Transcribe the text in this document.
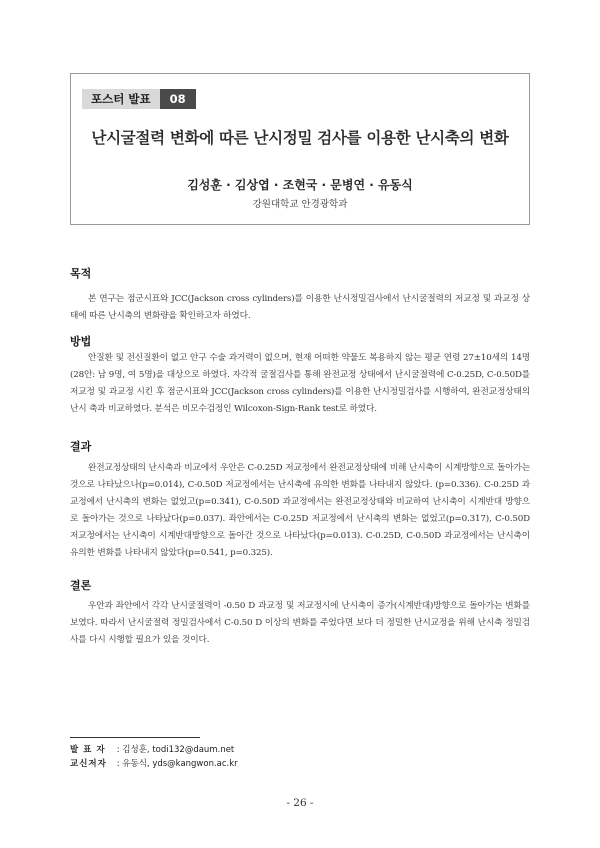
포스터 발표	08
난시굴절력 변화에 따른 난시정밀 검사를 이용한 난시축의 변화
김성훈 · 김상엽 · 조현국 · 문병연 · 유동식
강원대학교 안경광학과
목적

본 연구는 점군시표와 JCC(Jackson cross cylinders)를 이용한 난시정밀검사에서 난시굴절력의 저교정 및 과교정 상태에 따른 난시축의 변화량을 확인하고자 하였다.

방법

안질환 및 전신질환이 없고 안구 수술 과거력이 없으며, 현재 어떠한 약물도 복용하지 않는 평균 연령 27±10세의 14명(28안: 남 9명, 여 5명)을 대상으로 하였다. 자각적 굴절검사를 통해 완전교정 상태에서 난시굴절력에 C-0.25D, C-0.50D를 저교정 및 과교정 시킨 후 점군시표와 JCC(Jackson cross cylinders)를 이용한 난시정밀검사를 시행하여, 완전교정상태의 난시 축과 비교하였다. 분석은 비모수검정인 Wilcoxon-Sign-Rank test로 하였다.

결과

완전교정상태의 난시축과 비교에서 우안은 C-0.25D 저교정에서 완전교정상태에 비해 난시축이 시계방향으로 돌아가는 것으로 나타났으나(p=0.014), C-0.50D 저교정에서는 난시축에 유의한 변화를 나타내지 않았다. (p=0.336). C-0.25D 과교정에서 난시축의 변화는 없었고(p=0.341), C-0.50D 과교정에서는 완전교정상태와 비교하여 난시축이 시계반대 방향으로 돌아가는 것으로 나타났다(p=0.037). 좌안에서는 C-0.25D 저교정에서 난시축의 변화는 없었고(p=0.317), C-0.50D 저교정에서는 난시축이 시계반대방향으로 돌아간 것으로 나타났다(p=0.013). C-0.25D, C-0.50D 과교정에서는 난시축이 유의한 변화를 나타내지 않았다(p=0.541, p=0.325).

결론

우안과 좌안에서 각각 난시굴절력이 -0.50 D 과교정 및 저교정시에 난시축이 증가(시계반대)방향으로 돌아가는 변화를 보였다. 따라서 난시굴절력 정밀검사에서 C-0.50 D 이상의 변화를 주었다면 보다 더 정밀한 난시교정을 위해 난시축 정밀검사를 다시 시행할 필요가 있을 것이다.

발 표 자 : 김성훈, todi132@daum.net
교신저자 : 유동식, yds@kangwon.ac.kr
- 26 -
